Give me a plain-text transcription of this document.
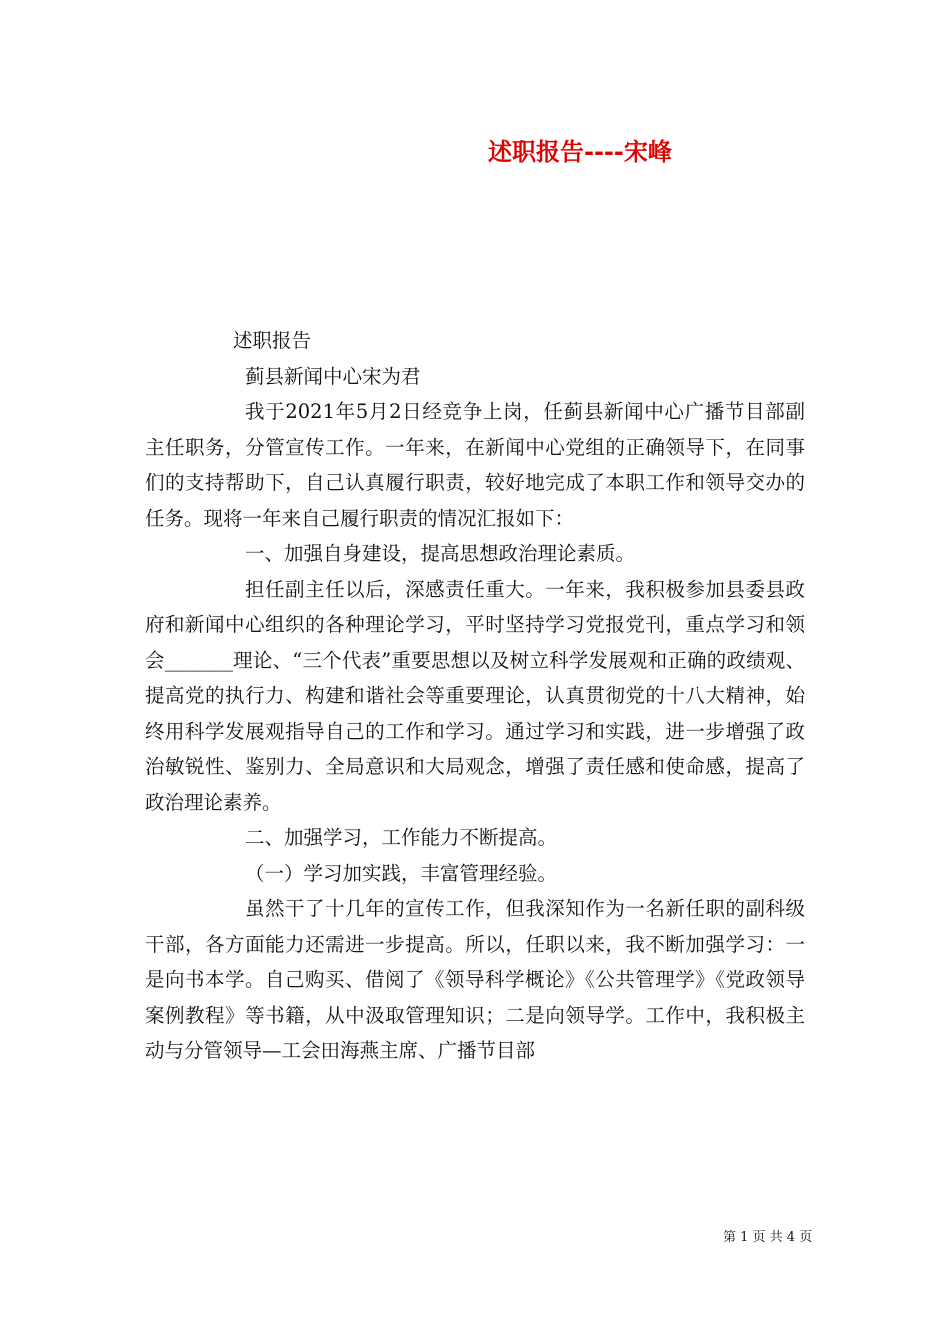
述职报告----宋峰

述职报告

蓟县新闻中心宋为君

我于2021年5月2日经竞争上岗，任蓟县新闻中心广播节目部副主任职务，分管宣传工作。一年来，在新闻中心党组的正确领导下，在同事们的支持帮助下，自己认真履行职责，较好地完成了本职工作和领导交办的任务。现将一年来自己履行职责的情况汇报如下：

一、加强自身建设，提高思想政治理论素质。

担任副主任以后，深感责任重大。一年来，我积极参加县委县政府和新闻中心组织的各种理论学习，平时坚持学习党报党刊，重点学习和领会_______理论、“三个代表”重要思想以及树立科学发展观和正确的政绩观、提高党的执行力、构建和谐社会等重要理论，认真贯彻党的十八大精神，始终用科学发展观指导自己的工作和学习。通过学习和实践，进一步增强了政治敏锐性、鉴别力、全局意识和大局观念，增强了责任感和使命感，提高了政治理论素养。

二、加强学习，工作能力不断提高。

（一）学习加实践，丰富管理经验。

虽然干了十几年的宣传工作，但我深知作为一名新任职的副科级干部，各方面能力还需进一步提高。所以，任职以来，我不断加强学习：一是向书本学。自己购买、借阅了《领导科学概论》《公共管理学》《党政领导案例教程》等书籍，从中汲取管理知识；二是向领导学。工作中，我积极主动与分管领导—工会田海燕主席、广播节目部

第 1 页 共 4 页
